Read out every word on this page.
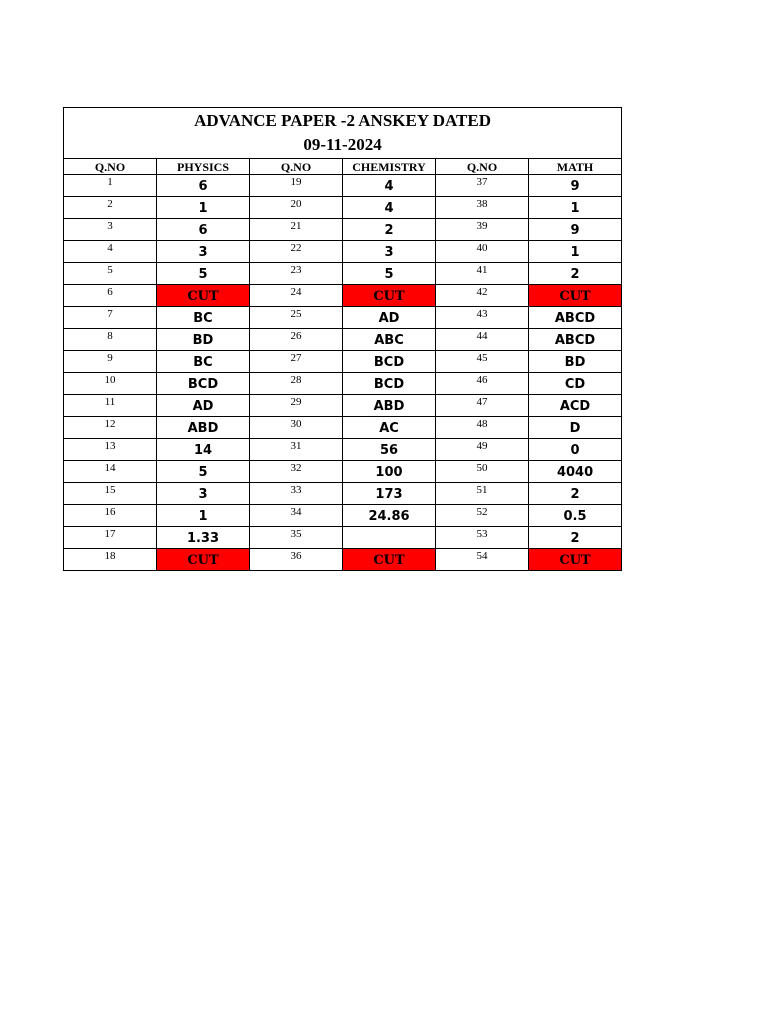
ADVANCE PAPER -2 ANSKEY DATED
09-11-2024					

Q.NO	PHYSICS	Q.NO	CHEMISTRY	Q.NO	MATH
1	6	19	4	37	9
2	1	20	4	38	1
3	6	21	2	39	9
4	3	22	3	40	1
5	5	23	5	41	2
6	CUT	24	CUT	42	CUT
7	BC	25	AD	43	ABCD
8	BD	26	ABC	44	ABCD
9	BC	27	BCD	45	BD
10	BCD	28	BCD	46	CD
11	AD	29	ABD	47	ACD
12	ABD	30	AC	48	D
13	14	31	56	49	0
14	5	32	100	50	4040
15	3	33	173	51	2
16	1	34	24.86	52	0.5
17	1.33	35		53	2
18	CUT	36	CUT	54	CUT
